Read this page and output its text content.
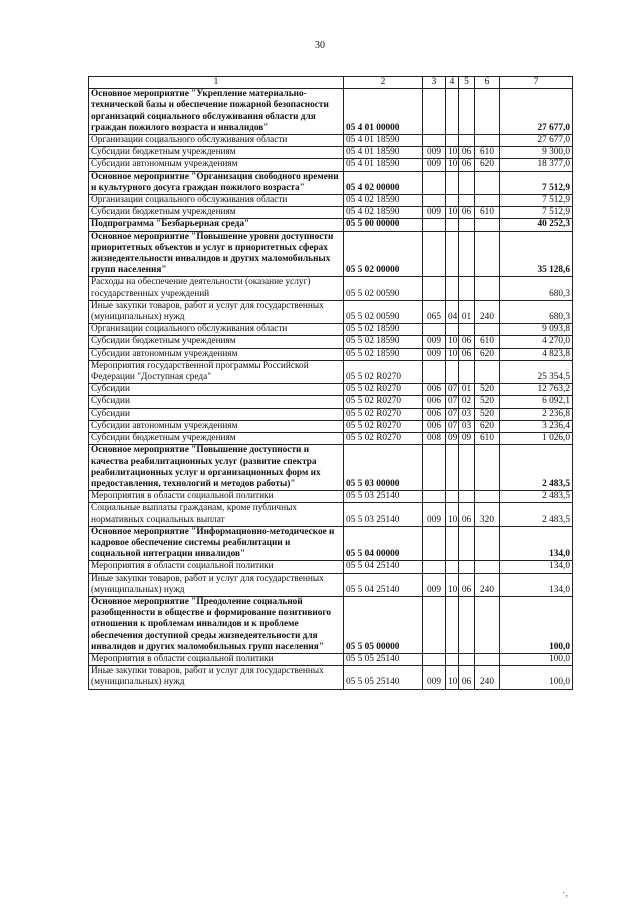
30
1	2	3	4	5	6	7
Основное мероприятие "Укрепление материально-технической базы и обеспечение пожарной безопасности организаций социального обслуживания области для граждан пожилого возраста и инвалидов"	05 4 01 00000					27 677,0
Организации социального обслуживания области	05 4 01 18590					27 677,0
Субсидии бюджетным учреждениям	05 4 01 18590	009	10	06	610	9 300,0
Субсидии автономным учреждениям	05 4 01 18590	009	10	06	620	18 377,0
Основное мероприятие "Организация свободного времени и культурного досуга граждан пожилого возраста"	05 4 02 00000					7 512,9
Организации социального обслуживания области	05 4 02 18590					7 512,9
Субсидии бюджетным учреждениям	05 4 02 18590	009	10	06	610	7 512,9
Подпрограмма "Безбарьерная среда"	05 5 00 00000					40 252,3
Основное мероприятие "Повышение уровня доступности приоритетных объектов и услуг в приоритетных сферах жизнедеятельности инвалидов и других маломобильных групп населения"	05 5 02 00000					35 128,6
Расходы на обеспечение деятельности (оказание услуг) государственных учреждений	05 5 02 00590					680,3
Иные закупки товаров, работ и услуг для государственных (муниципальных) нужд	05 5 02 00590	065	04	01	240	680,3
Организации социального обслуживания области	05 5 02 18590					9 093,8
Субсидии бюджетным учреждениям	05 5 02 18590	009	10	06	610	4 270,0
Субсидии автономным учреждениям	05 5 02 18590	009	10	06	620	4 823,8
Мероприятия государственной программы Российской Федерации "Доступная среда"	05 5 02 R0270					25 354,5
Субсидии	05 5 02 R0270	006	07	01	520	12 763,2
Субсидии	05 5 02 R0270	006	07	02	520	6 092,1
Субсидии	05 5 02 R0270	006	07	03	520	2 236,8
Субсидии автономным учреждениям	05 5 02 R0270	006	07	03	620	3 236,4
Субсидии бюджетным учреждениям	05 5 02 R0270	008	09	09	610	1 026,0
Основное мероприятие "Повышение доступности и качества реабилитационных услуг (развитие спектра реабилитационных услуг и организационных форм их предоставления, технологий и методов работы)"	05 5 03 00000					2 483,5
Мероприятия в области социальной политики	05 5 03 25140					2 483,5
Социальные выплаты гражданам, кроме публичных нормативных социальных выплат	05 5 03 25140	009	10	06	320	2 483,5
Основное мероприятие "Информационно-методическое и кадровое обеспечение системы реабилитации и социальной интеграции инвалидов"	05 5 04 00000					134,0
Мероприятия в области социальной политики	05 5 04 25140					134,0
Иные закупки товаров, работ и услуг для государственных (муниципальных) нужд	05 5 04 25140	009	10	06	240	134,0
Основное мероприятие "Преодоление социальной разобщенности в обществе и формирование позитивного отношения к проблемам инвалидов и к проблеме обеспечения доступной среды жизнедеятельности для инвалидов и других маломобильных групп населения"	05 5 05 00000					100,0
Мероприятия в области социальной политики	05 5 05 25140					100,0
Иные закупки товаров, работ и услуг для государственных (муниципальных) нужд	05 5 05 25140	009	10	06	240	100,0
·,
